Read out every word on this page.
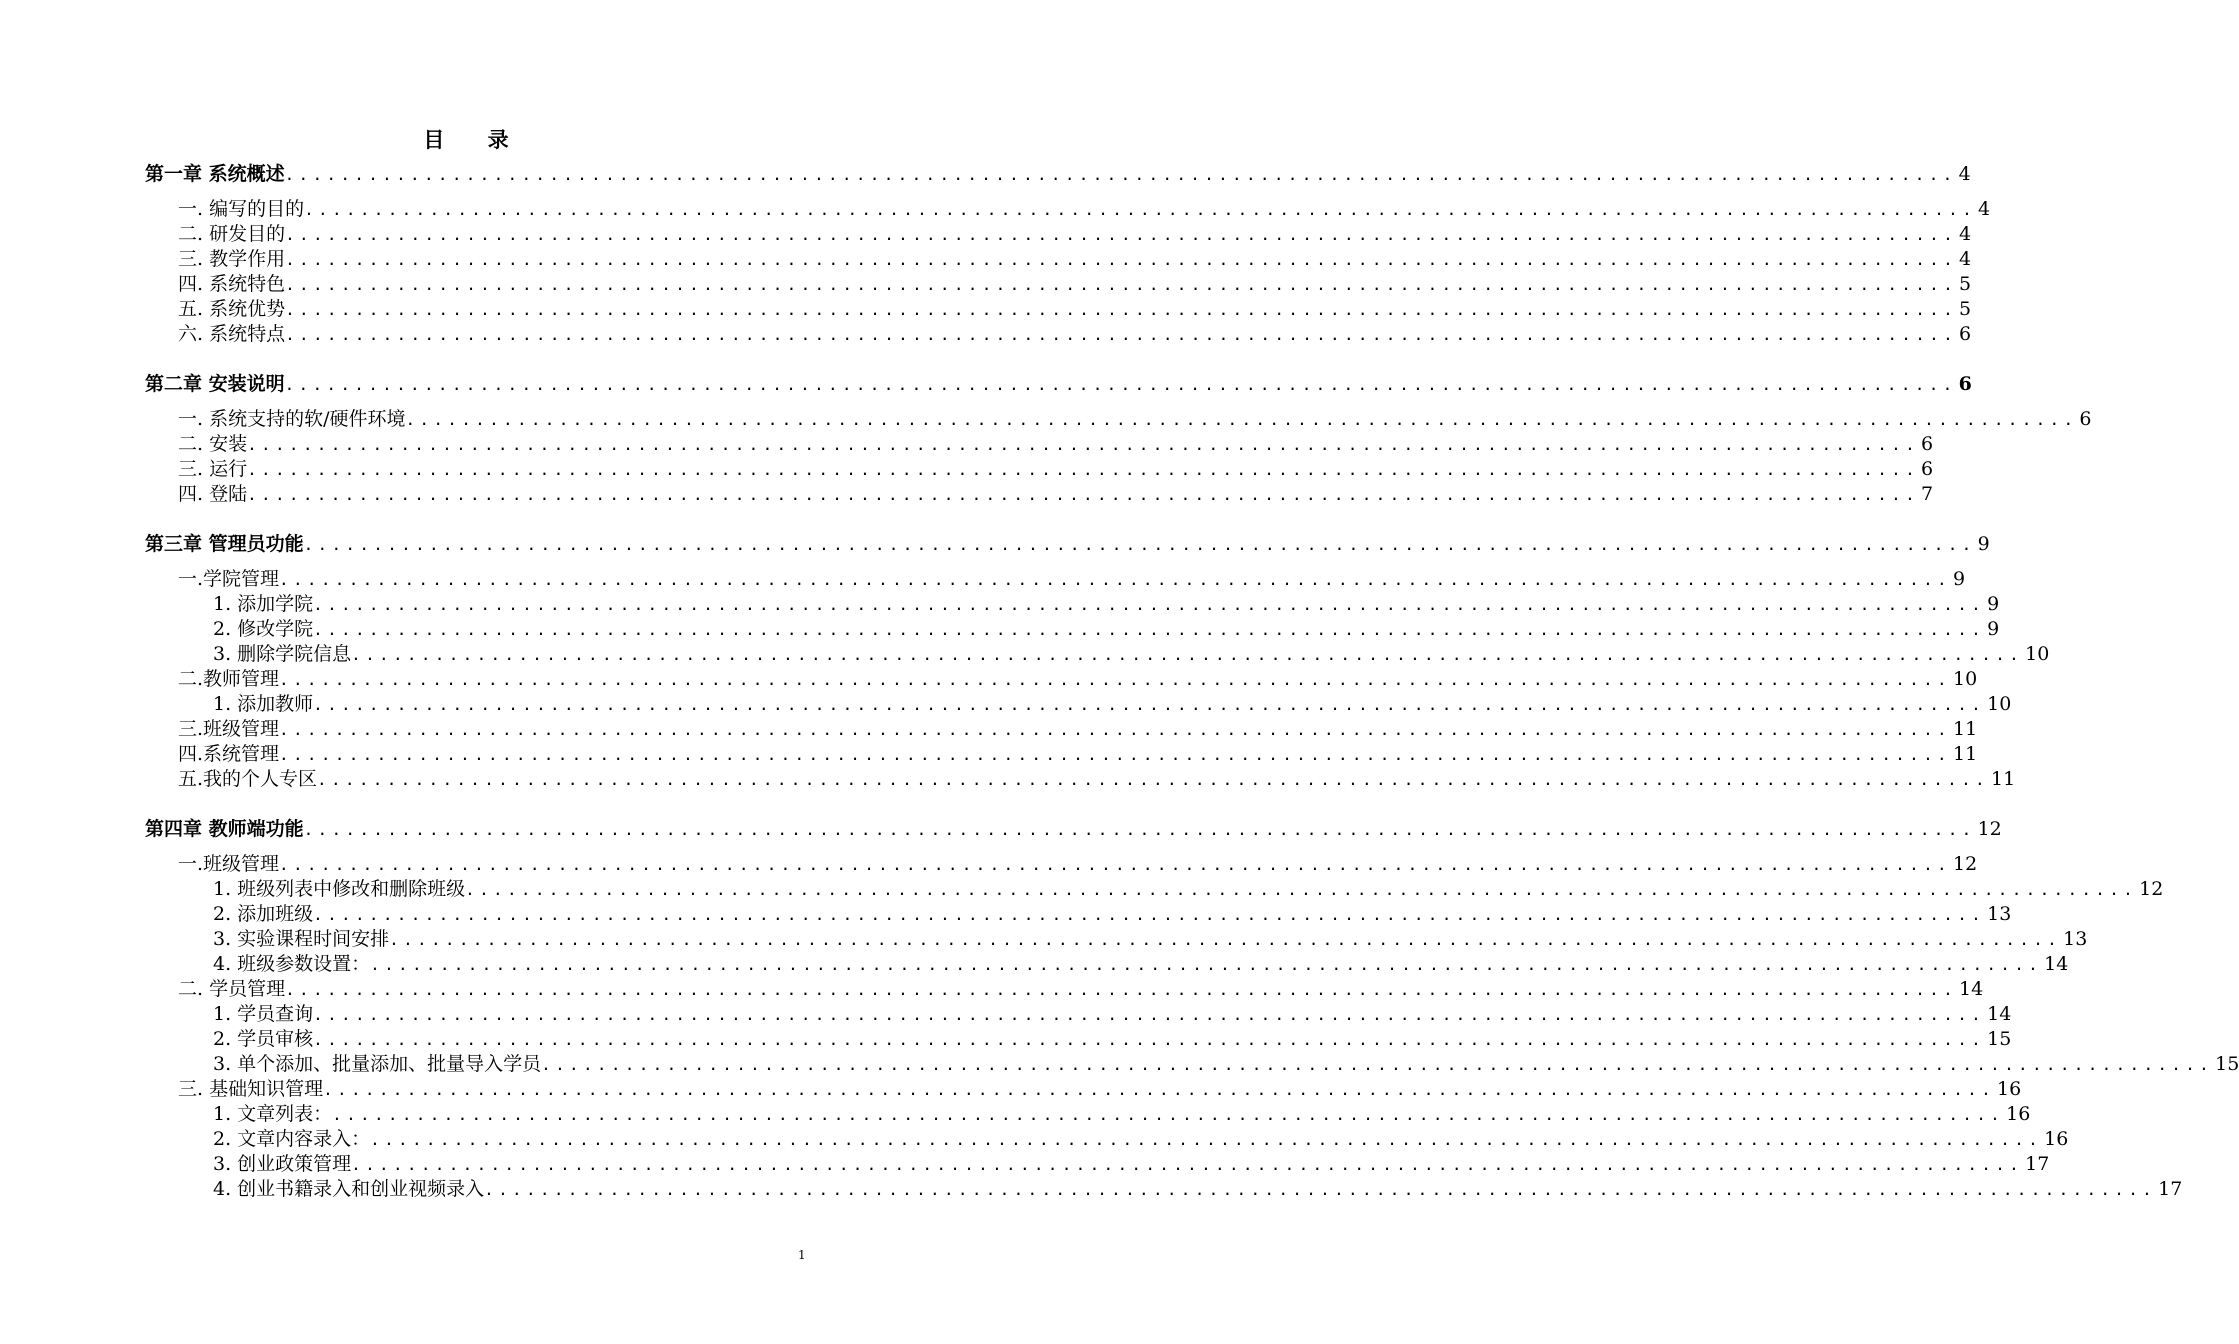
目 录
第一章 系统概述 ........................................................................................................................ 4
一. 编写的目的 ........................................................................................................................ 4
二. 研发目的 ........................................................................................................................ 4
三. 教学作用 ........................................................................................................................ 4
四. 系统特色 ........................................................................................................................ 5
五. 系统优势 ........................................................................................................................ 5
六. 系统特点 ........................................................................................................................ 6
第二章 安装说明 ........................................................................................................................ 6
一. 系统支持的软/硬件环境 ........................................................................................................................ 6
二. 安装 ........................................................................................................................ 6
三. 运行 ........................................................................................................................ 6
四. 登陆 ........................................................................................................................ 7
第三章 管理员功能 ........................................................................................................................ 9
一.学院管理 ........................................................................................................................ 9
1. 添加学院 ........................................................................................................................ 9
2. 修改学院 ........................................................................................................................ 9
3. 删除学院信息 ........................................................................................................................ 10
二.教师管理 ........................................................................................................................ 10
1. 添加教师 ........................................................................................................................ 10
三.班级管理 ........................................................................................................................ 11
四.系统管理 ........................................................................................................................ 11
五.我的个人专区 ........................................................................................................................ 11
第四章 教师端功能 ........................................................................................................................ 12
一.班级管理 ........................................................................................................................ 12
1. 班级列表中修改和删除班级 ........................................................................................................................ 12
2. 添加班级 ........................................................................................................................ 13
3. 实验课程时间安排 ........................................................................................................................ 13
4. 班级参数设置： ........................................................................................................................ 14
二. 学员管理 ........................................................................................................................ 14
1. 学员查询 ........................................................................................................................ 14
2. 学员审核 ........................................................................................................................ 15
3. 单个添加、批量添加、批量导入学员 ........................................................................................................................ 15
三. 基础知识管理 ........................................................................................................................ 16
1. 文章列表： ........................................................................................................................ 16
2. 文章内容录入： ........................................................................................................................ 16
3. 创业政策管理 ........................................................................................................................ 17
4. 创业书籍录入和创业视频录入 ........................................................................................................................ 17
1
